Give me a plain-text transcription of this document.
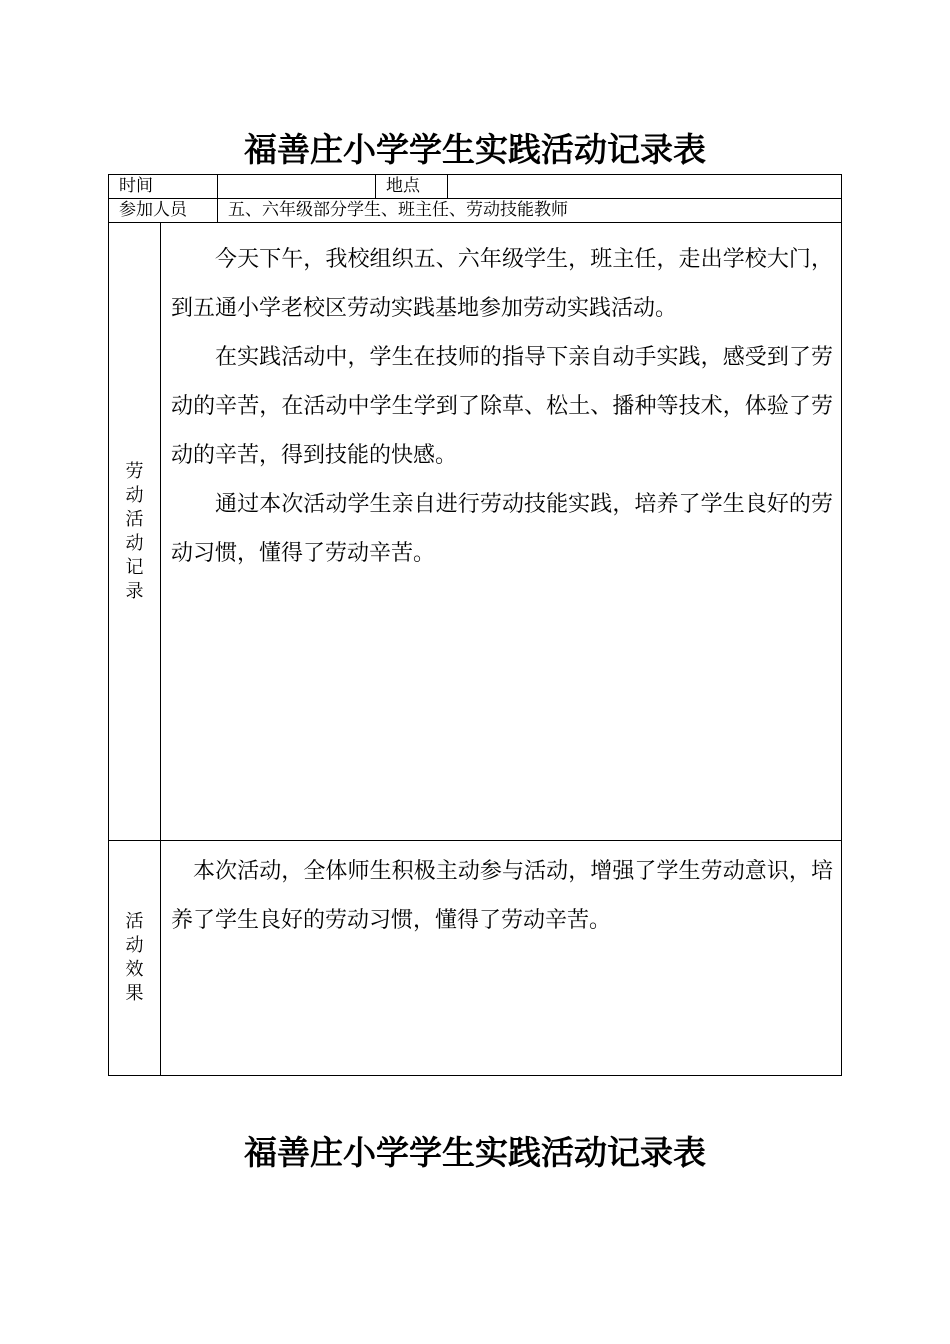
福善庄小学学生实践活动记录表
时间			地点	
参加人员		五、六年级部分学生、班主任、劳动技能教师		

劳动活动记录	今天下午，我校组织五、六年级学生，班主任，走出学校大门，到五通小学老校区劳动实践基地参加劳动实践活动。

在实践活动中，学生在技师的指导下亲自动手实践，感受到了劳动的辛苦，在活动中学生学到了除草、松土、播种等技术，体验了劳动的辛苦，得到技能的快感。

通过本次活动学生亲自进行劳动技能实践，培养了学生良好的劳动习惯，懂得了劳动辛苦。			

活动效果	本次活动，全体师生积极主动参与活动，增强了学生劳动意识，培养了学生良好的劳动习惯，懂得了劳动辛苦。			

福善庄小学学生实践活动记录表
